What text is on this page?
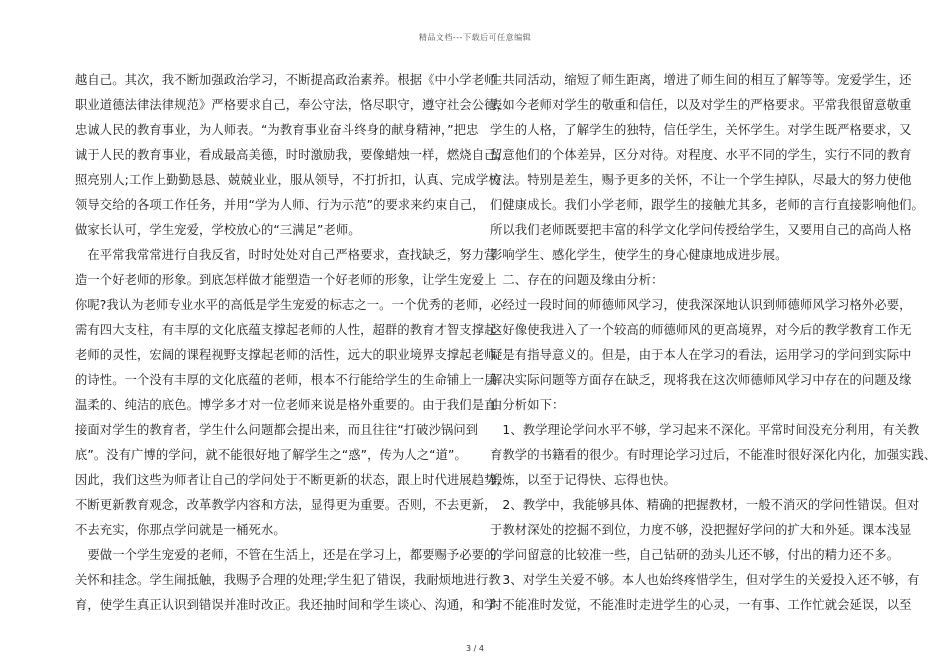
精品文档---下载后可任意编辑
越自己。其次，我不断加强政治学习，不断提高政治素养。根据《中小学老师
职业道德法律法律规范》严格要求自己，奉公守法，恪尽职守，遵守社会公德，
忠诚人民的教育事业，为人师表。“为教育事业奋斗终身的献身精神，”把忠
诚于人民的教育事业，看成最高美德，时时激励我，要像蜡烛一样，燃烧自己，
照亮别人;工作上勤勤恳恳、兢兢业业，服从领导，不打折扣，认真、完成学校
领导交给的各项工作任务，并用“学为人师、行为示范”的要求来约束自己，
做家长认可，学生宠爱，学校放心的“三满足”老师。
　在平常我常常进行自我反省，时时处处对自己严格要求，查找缺乏，努力营
造一个好老师的形象。到底怎样做才能塑造一个好老师的形象，让学生宠爱上
你呢?我认为老师专业水平的高低是学生宠爱的标志之一。一个优秀的老师，必
需有四大支柱，有丰厚的文化底蕴支撑起老师的人性，超群的教育才智支撑起
老师的灵性，宏阔的课程视野支撑起老师的活性，远大的职业境界支撑起老师
的诗性。一个没有丰厚的文化底蕴的老师，根本不行能给学生的生命铺上一层
温柔的、纯洁的底色。博学多才对一位老师来说是格外重要的。由于我们是直
接面对学生的教育者，学生什么问题都会提出来，而且往往“打破沙锅问到
底”。没有广博的学问，就不能很好地了解学生之“惑”，传为人之“道”。
因此，我们这些为师者让自己的学问处于不断更新的状态，跟上时代进展趋势，
不断更新教育观念，改革教学内容和方法，显得更为重要。否则，不去更新，
不去充实，你那点学问就是一桶死水。
　要做一个学生宠爱的老师，不管在生活上，还是在学习上，都要赐予必要的
关怀和挂念。学生闹抵触，我赐予合理的处理;学生犯了错误，我耐烦地进行教
育，使学生真正认识到错误并准时改正。我还抽时间和学生谈心、沟通，和学
生共同活动，缩短了师生距离，增进了师生间的相互了解等等。宠爱学生，还
表如今老师对学生的敬重和信任，以及对学生的严格要求。平常我很留意敬重
学生的人格，了解学生的独特，信任学生，关怀学生。对学生既严格要求，又
留意他们的个体差异，区分对待。对程度、水平不同的学生，实行不同的教育
方法。特别是差生，赐予更多的关怀，不让一个学生掉队，尽最大的努力使他
们健康成长。我们小学老师，跟学生的接触尤其多，老师的言行直接影响他们。
所以我们老师既要把丰富的科学文化学问传授给学生，又要用自己的高尚人格
影响学生、感化学生，使学生的身心健康地成进步展。
　二、存在的问题及缘由分析：
　经过一段时间的师德师风学习，使我深深地认识到师德师风学习格外必要，
这好像使我进入了一个较高的师德师风的更高境界，对今后的教学教育工作无
疑是有指导意义的。但是，由于本人在学习的看法，运用学习的学问到实际中
解决实际问题等方面存在缺乏，现将我在这次师德师风学习中存在的问题及缘
由分析如下：
　1、教学理论学问水平不够，学习起来不深化。平常时间没充分利用，有关教
育教学的书籍看的很少。有时理论学习过后，不能准时很好深化内化，加强实践、
锻炼，以至于记得快、忘得也快。
　2、教学中，我能够具体、精确的把握教材，一般不消灭的学问性错误。但对
于教材深处的挖掘不到位，力度不够，没把握好学问的扩大和外延。课本浅显
的学问留意的比较准一些，自己钻研的劲头儿还不够，付出的精力还不多。
　3、对学生关爱不够。本人也始终疼惜学生，但对学生的关爱投入还不够，有
时不能准时发觉，不能准时走进学生的心灵，一有事、工作忙就会延误，以至
3 / 4
